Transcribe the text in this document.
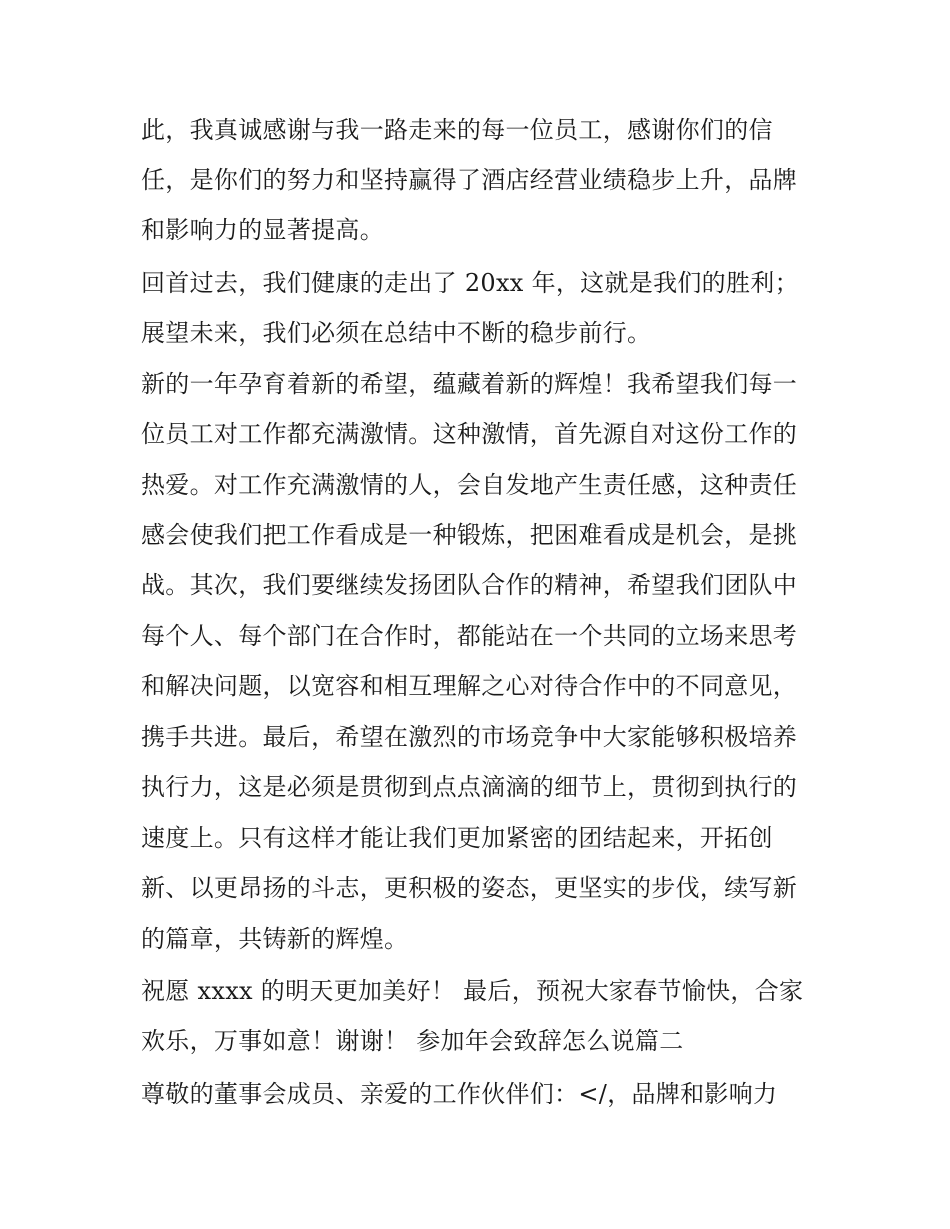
此，我真诚感谢与我一路走来的每一位员工，感谢你们的信

任，是你们的努力和坚持赢得了酒店经营业绩稳步上升，品牌

和影响力的显著提高。

回首过去，我们健康的走出了 20xx 年，这就是我们的胜利；

展望未来，我们必须在总结中不断的稳步前行。

新的一年孕育着新的希望，蕴藏着新的辉煌！我希望我们每一

位员工对工作都充满激情。这种激情，首先源自对这份工作的

热爱。对工作充满激情的人，会自发地产生责任感，这种责任

感会使我们把工作看成是一种锻炼，把困难看成是机会，是挑

战。其次，我们要继续发扬团队合作的精神，希望我们团队中

每个人、每个部门在合作时，都能站在一个共同的立场来思考

和解决问题，以宽容和相互理解之心对待合作中的不同意见，

携手共进。最后，希望在激烈的市场竞争中大家能够积极培养

执行力，这是必须是贯彻到点点滴滴的细节上，贯彻到执行的

速度上。只有这样才能让我们更加紧密的团结起来，开拓创

新、以更昂扬的斗志，更积极的姿态，更坚实的步伐，续写新

的篇章，共铸新的辉煌。

祝愿 xxxx 的明天更加美好！ 最后，预祝大家春节愉快，合家

欢乐，万事如意！谢谢！ 参加年会致辞怎么说篇二

尊敬的董事会成员、亲爱的工作伙伴们：</，品牌和影响力
